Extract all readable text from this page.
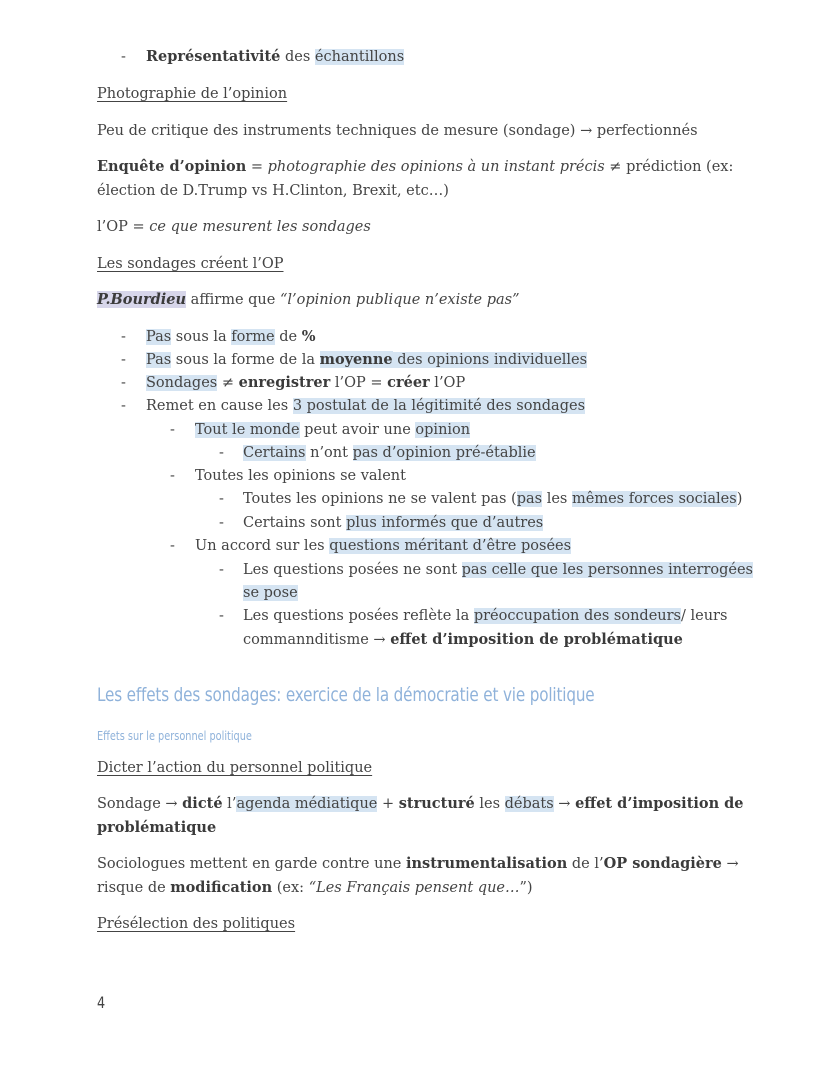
- Représentativité des échantillons
Photographie de l’opinion
Peu de critique des instruments techniques de mesure (sondage) → perfectionnés
Enquête d’opinion = photographie des opinions à un instant précis ≠ prédiction (ex:
élection de D.Trump vs H.Clinton, Brexit, etc…)
l’OP = ce que mesurent les sondages
Les sondages créent l’OP
P.Bourdieu affirme que “l’opinion publique n’existe pas”
- Pas sous la forme de %
- Pas sous la forme de la moyenne des opinions individuelles
- Sondages ≠ enregistrer l’OP = créer l’OP
- Remet en cause les 3 postulat de la légitimité des sondages
- Tout le monde peut avoir une opinion
- Certains n’ont pas d’opinion pré-établie
- Toutes les opinions se valent
- Toutes les opinions ne se valent pas (pas les mêmes forces sociales)
- Certains sont plus informés que d’autres
- Un accord sur les questions méritant d’être posées
- Les questions posées ne sont pas celle que les personnes interrogées
se pose
- Les questions posées reflète la préoccupation des sondeurs/ leurs
commannditisme → effet d’imposition de problématique
Les effets des sondages: exercice de la démocratie et vie politique
Effets sur le personnel politique
Dicter l’action du personnel politique
Sondage → dicté l’agenda médiatique + structuré les débats → effet d’imposition de
problématique
Sociologues mettent en garde contre une instrumentalisation de l’OP sondagière →
risque de modification (ex: “Les Français pensent que…”)
Présélection des politiques
4
